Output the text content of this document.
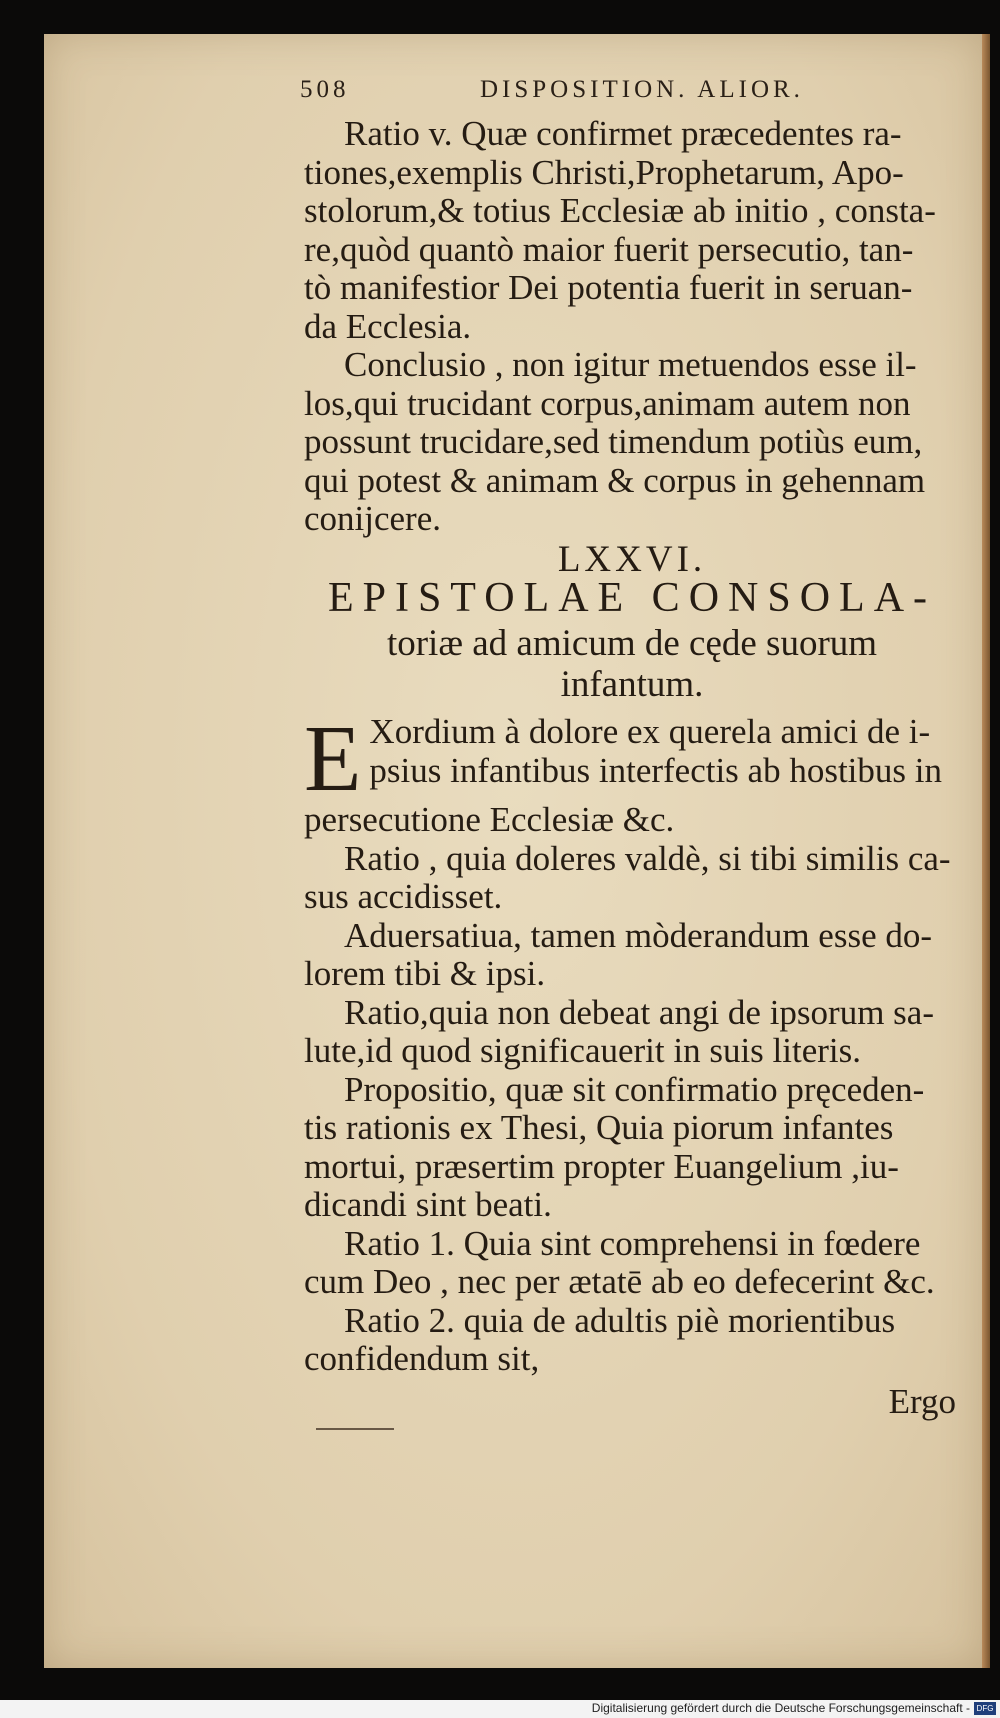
508	DISPOSITION. ALIOR.
Ratio v. Quæ confirmet præcedentes ra-
tiones,exemplis Christi,Prophetarum, Apo-
stolorum,& totius Ecclesiæ ab initio , consta-
re,quòd quantò maior fuerit persecutio, tan-
tò manifestior Dei potentia fuerit in seruan-
da Ecclesia.
Conclusio , non igitur metuendos esse il-
los,qui trucidant corpus,animam autem non
possunt trucidare,sed timendum potiùs eum,
qui potest & animam & corpus in gehennam
conijcere.
LXXVI.
EPISTOLAE CONSOLA-
toriæ ad amicum de cęde suorum
infantum.
E Xordium à dolore ex querela amici de i-
psius infantibus interfectis ab hostibus in
persecutione Ecclesiæ &c.
Ratio , quia doleres valdè, si tibi similis ca-
sus accidisset.
Aduersatiua, tamen mòderandum esse do-
lorem tibi & ipsi.
Ratio,quia non debeat angi de ipsorum sa-
lute,id quod significauerit in suis literis.
Propositio, quæ sit confirmatio pręceden-
tis rationis ex Thesi, Quia piorum infantes
mortui, præsertim propter Euangelium ,iu-
dicandi sint beati.
Ratio 1. Quia sint comprehensi in fœdere
cum Deo , nec per ætatē ab eo defecerint &c.
Ratio 2. quia de adultis piè morientibus
confidendum sit,
Ergo
Digitalisierung gefördert durch die Deutsche Forschungsgemeinschaft - DFG
